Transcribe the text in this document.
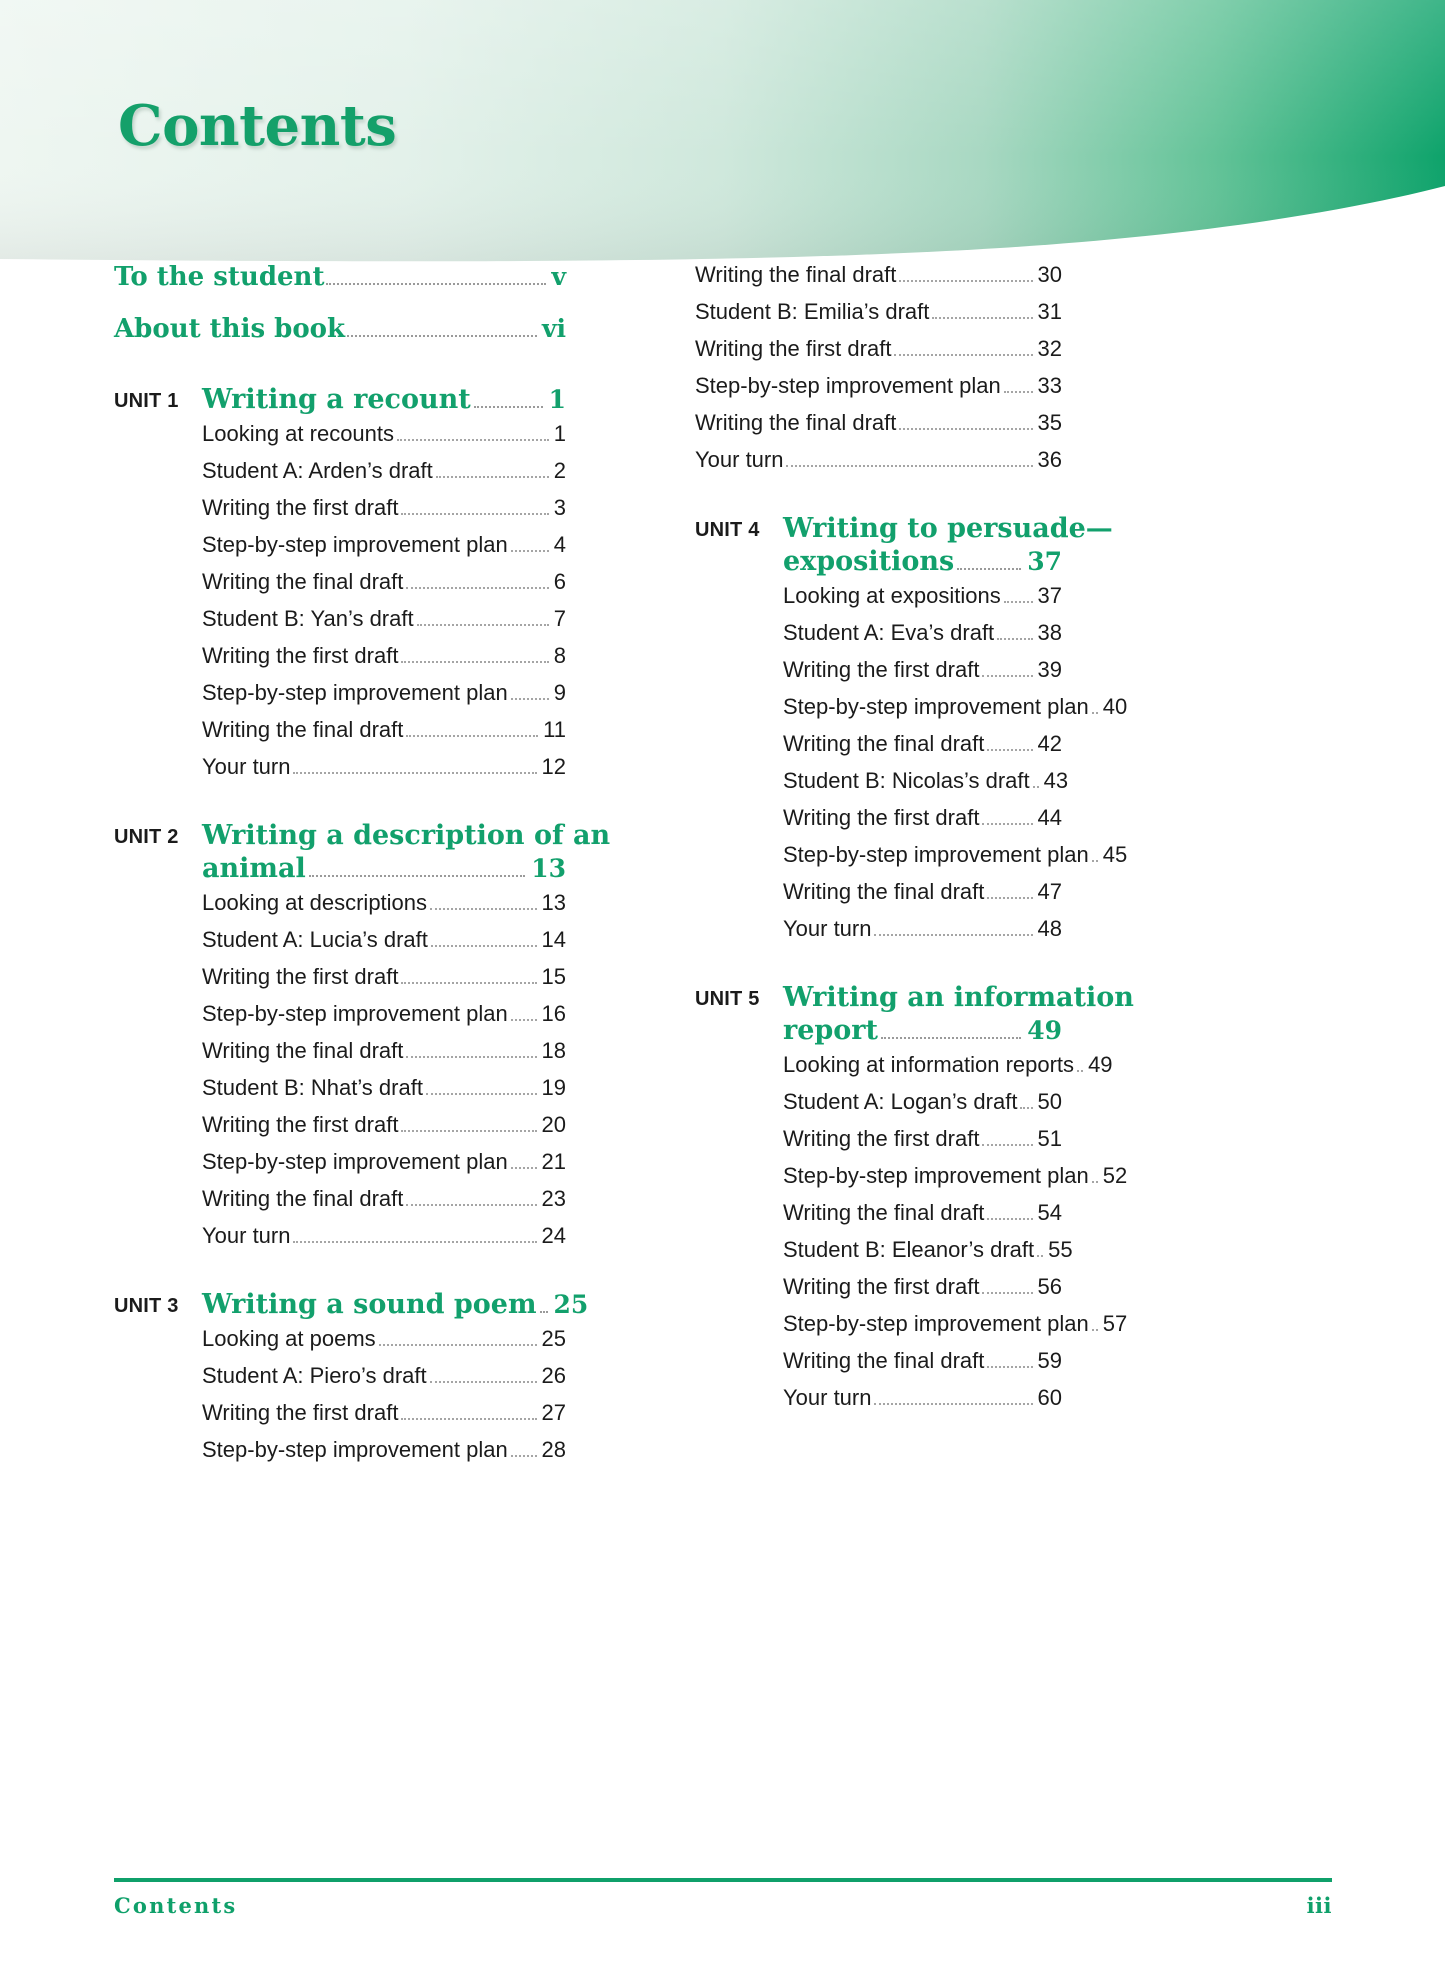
Contents
To the student	v
About this book	vi
UNIT 1 Writing a recount	1
Looking at recounts	1
Student A: Arden’s draft	2
Writing the first draft	3
Step-by-step improvement plan 4
Writing the final draft	6
Student B: Yan’s draft	7
Writing the first draft	8
Step-by-step improvement plan 9
Writing the final draft	11
Your turn	12
UNIT 2 Writing a description of an
animal	13
Looking at descriptions	13
Student A: Lucia’s draft	14
Writing the first draft	15
Step-by-step improvement plan 16
Writing the final draft	18
Student B: Nhat’s draft	19
Writing the first draft	20
Step-by-step improvement plan 21
Writing the final draft	23
Your turn	24
UNIT 3 Writing a sound poem 25
Looking at poems	25
Student A: Piero’s draft	26
Writing the first draft	27
Step-by-step improvement plan 28
Writing the final draft	30
Student B: Emilia’s draft	31
Writing the first draft	32
Step-by-step improvement plan 33
Writing the final draft	35
Your turn	36
UNIT 4 Writing to persuade—
expositions	37
Looking at expositions 37
Student A: Eva’s draft 38
Writing the first draft	39
Step-by-step improvement plan 40
Writing the final draft 42
Student B: Nicolas’s draft 43
Writing the first draft	44
Step-by-step improvement plan 45
Writing the final draft 47
Your turn	48
UNIT 5 Writing an information
report	49
Looking at information reports 49
Student A: Logan’s draft 50
Writing the first draft	51
Step-by-step improvement plan 52
Writing the final draft 54
Student B: Eleanor’s draft 55
Writing the first draft	56
Step-by-step improvement plan 57
Writing the final draft 59
Your turn	60
Contents	iii
